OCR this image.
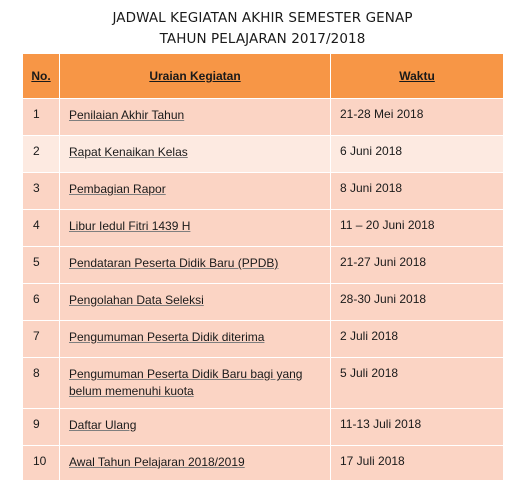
JADWAL KEGIATAN AKHIR SEMESTER GENAP
TAHUN PELAJARAN 2017/2018
No.	Uraian Kegiatan	Waktu
1	Penilaian Akhir Tahun	21-28 Mei 2018
2	Rapat Kenaikan Kelas	6 Juni 2018
3	Pembagian Rapor	8 Juni 2018
4	Libur Iedul Fitri 1439 H	11 – 20 Juni 2018
5	Pendataran Peserta Didik Baru (PPDB)	21-27 Juni 2018
6	Pengolahan Data Seleksi	28-30 Juni 2018
7	Pengumuman Peserta Didik diterima	2 Juli 2018
8	Pengumuman Peserta Didik Baru bagi yang belum memenuhi kuota	5 Juli 2018
9	Daftar Ulang	11-13 Juli 2018
10	Awal Tahun Pelajaran 2018/2019	17 Juli 2018
